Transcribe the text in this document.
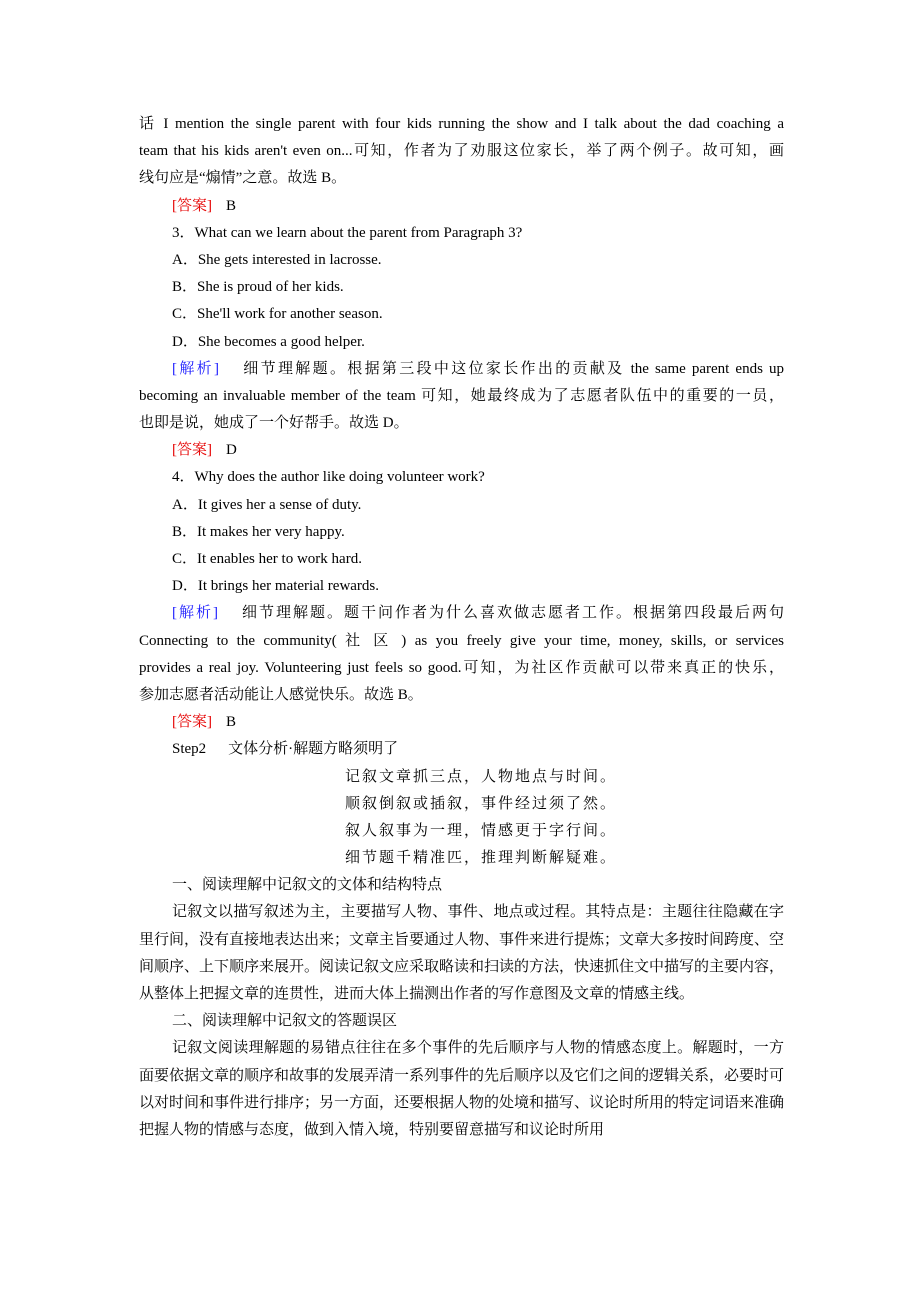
话 I mention the single parent with four kids running the show and I talk about the dad coaching a
team that his kids aren't even on...可知，作者为了劝服这位家长，举了两个例子。故可知，画
线句应是“煽情”之意。故选 B。
[答案] B
3．What can we learn about the parent from Paragraph 3?
A．She gets interested in lacrosse.
B．She is proud of her kids.
C．She'll work for another season.
D．She becomes a good helper.
[解析] 细节理解题。根据第三段中这位家长作出的贡献及 the same parent ends up
becoming an invaluable member of the team 可知，她最终成为了志愿者队伍中的重要的一员，
也即是说，她成了一个好帮手。故选 D。
[答案] D
4．Why does the author like doing volunteer work?
A．It gives her a sense of duty.
B．It makes her very happy.
C．It enables her to work hard.
D．It brings her material rewards.
[解析] 细节理解题。题干问作者为什么喜欢做志愿者工作。根据第四段最后两句
Connecting to the community( 社 区 ) as you freely give your time, money, skills, or services
provides a real joy. Volunteering just feels so good.可知，为社区作贡献可以带来真正的快乐，
参加志愿者活动能让人感觉快乐。故选 B。
[答案] B
Step2 文体分析·解题方略须明了
记叙文章抓三点，人物地点与时间。
顺叙倒叙或插叙，事件经过须了然。
叙人叙事为一理，情感更于字行间。
细节题千精准匹，推理判断解疑难。
一、阅读理解中记叙文的文体和结构特点
记叙文以描写叙述为主，主要描写人物、事件、地点或过程。其特点是：主题往往隐藏在字里行间，没有直接地表达出来；文章主旨要通过人物、事件来进行提炼；文章大多按时间跨度、空间顺序、上下顺序来展开。阅读记叙文应采取略读和扫读的方法，快速抓住文中描写的主要内容，从整体上把握文章的连贯性，进而大体上揣测出作者的写作意图及文章的情感主线。
二、阅读理解中记叙文的答题误区
记叙文阅读理解题的易错点往往在多个事件的先后顺序与人物的情感态度上。解题时，一方面要依据文章的顺序和故事的发展弄清一系列事件的先后顺序以及它们之间的逻辑关系，必要时可以对时间和事件进行排序；另一方面，还要根据人物的处境和描写、议论时所用的特定词语来准确把握人物的情感与态度，做到入情入境，特别要留意描写和议论时所用
